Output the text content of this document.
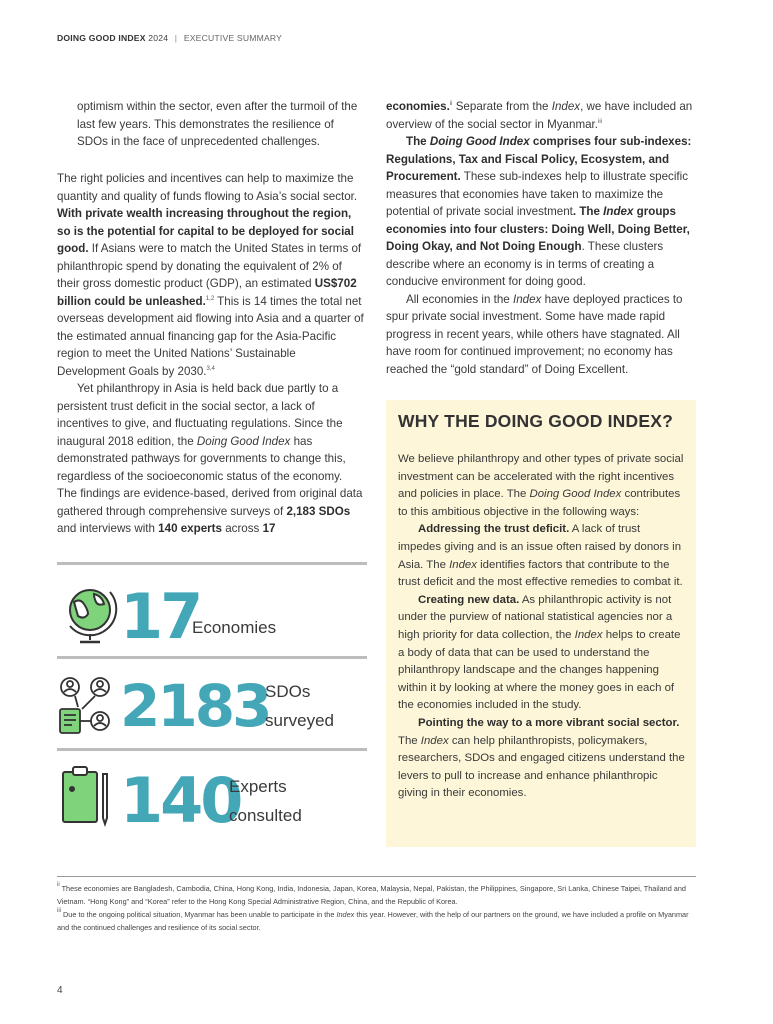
DOING GOOD INDEX 2024 | EXECUTIVE SUMMARY

optimism within the sector, even after the turmoil of the last few years. This demonstrates the resilience of SDOs in the face of unprecedented challenges.

The right policies and incentives can help to maximize the quantity and quality of funds flowing to Asia’s social sector. With private wealth increasing throughout the region, so is the potential for capital to be deployed for social good. If Asians were to match the United States in terms of philanthropic spend by donating the equivalent of 2% of their gross domestic product (GDP), an estimated US$702 billion could be unleashed.$^{1,2}$ This is 14 times the total net overseas development aid flowing into Asia and a quarter of the estimated annual financing gap for the Asia-Pacific region to meet the United Nations’ Sustainable Development Goals by 2030.$^{3,4}$

Yet philanthropy in Asia is held back due partly to a persistent trust deficit in the social sector, a lack of incentives to give, and fluctuating regulations. Since the inaugural 2018 edition, the Doing Good Index has demonstrated pathways for governments to change this, regardless of the socioeconomic status of the economy. The findings are evidence-based, derived from original data gathered through comprehensive surveys of 2,183 SDOs and interviews with 140 experts across 17

17
Economies
2183
SDOs
surveyed
140
Experts
consulted

economies.$^{ii}$ Separate from the Index, we have included an overview of the social sector in Myanmar.$^{iii}$

The Doing Good Index comprises four sub-indexes: Regulations, Tax and Fiscal Policy, Ecosystem, and Procurement. These sub-indexes help to illustrate specific measures that economies have taken to maximize the potential of private social investment. The Index groups economies into four clusters: Doing Well, Doing Better, Doing Okay, and Not Doing Enough. These clusters describe where an economy is in terms of creating a conducive environment for doing good.

All economies in the Index have deployed practices to spur private social investment. Some have made rapid progress in recent years, while others have stagnated. All have room for continued improvement; no economy has reached the “gold standard” of Doing Excellent.

WHY THE DOING GOOD INDEX?

We believe philanthropy and other types of private social investment can be accelerated with the right incentives and policies in place. The Doing Good Index contributes to this ambitious objective in the following ways:

Addressing the trust deficit. A lack of trust impedes giving and is an issue often raised by donors in Asia. The Index identifies factors that contribute to the trust deficit and the most effective remedies to combat it.

Creating new data. As philanthropic activity is not under the purview of national statistical agencies nor a high priority for data collection, the Index helps to create a body of data that can be used to understand the philanthropy landscape and the changes happening within it by looking at where the money goes in each of the economies included in the study.

Pointing the way to a more vibrant social sector.

The Index can help philanthropists, policymakers, researchers, SDOs and engaged citizens understand the levers to pull to increase and enhance philanthropic giving in their economies.

$^{ii}$ These economies are Bangladesh, Cambodia, China, Hong Kong, India, Indonesia, Japan, Korea, Malaysia, Nepal, Pakistan, the Philippines, Singapore, Sri Lanka, Chinese Taipei, Thailand and Vietnam. “Hong Kong” and “Korea” refer to the Hong Kong Special Administrative Region, China, and the Republic of Korea.

$^{iii}$ Due to the ongoing political situation, Myanmar has been unable to participate in the Index this year. However, with the help of our partners on the ground, we have included a profile on Myanmar and the continued challenges and resilience of its social sector.

4
